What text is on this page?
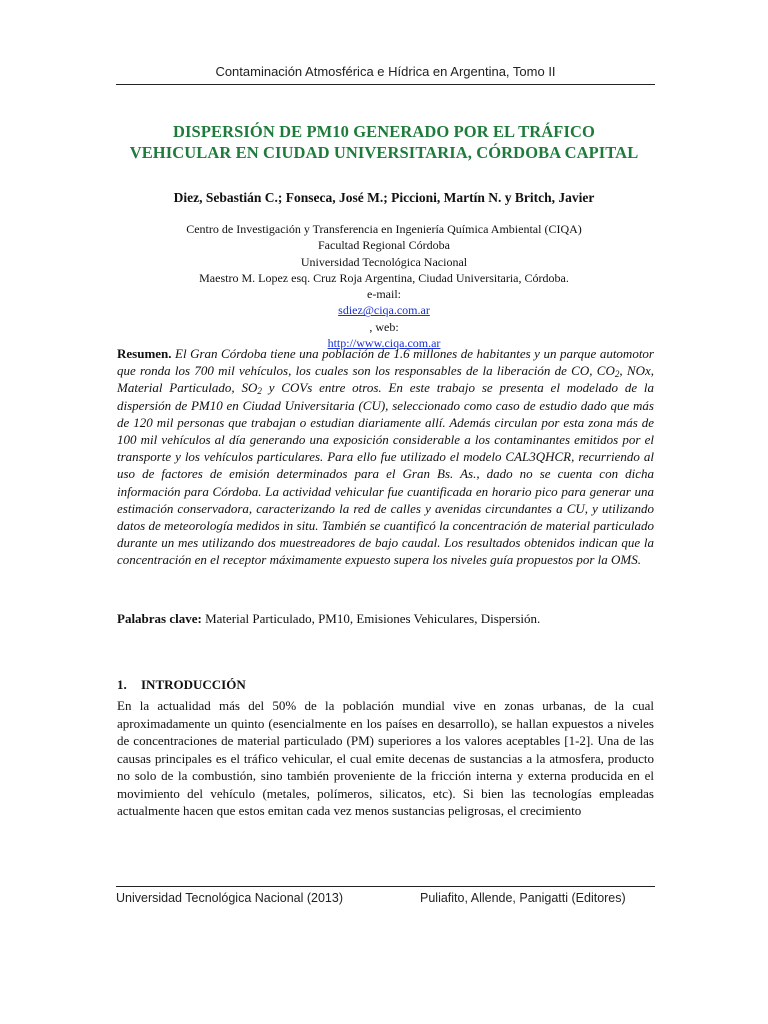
Contaminación Atmosférica e Hídrica en Argentina, Tomo II
DISPERSIÓN DE PM10 GENERADO POR EL TRÁFICO
VEHICULAR EN CIUDAD UNIVERSITARIA, CÓRDOBA CAPITAL
Diez, Sebastián C.; Fonseca, José M.; Piccioni, Martín N. y Britch, Javier
Centro de Investigación y Transferencia en Ingeniería Química Ambiental (CIQA)
Facultad Regional Córdoba
Universidad Tecnológica Nacional
Maestro M. Lopez esq. Cruz Roja Argentina, Ciudad Universitaria, Córdoba.
e-mail:
sdiez@ciqa.com.ar
, web:
http://www.ciqa.com.ar
Resumen. El Gran Córdoba tiene una población de 1.6 millones de habitantes y un parque automotor que ronda los 700 mil vehículos, los cuales son los responsables de la liberación de CO, $CO_2$, NOx, Material Particulado, $SO_2$ y COVs entre otros. En este trabajo se presenta el modelado de la dispersión de PM10 en Ciudad Universitaria (CU), seleccionado como caso de estudio dado que más de 120 mil personas que trabajan o estudian diariamente allí. Además circulan por esta zona más de 100 mil vehículos al día generando una exposición considerable a los contaminantes emitidos por el transporte y los vehículos particulares. Para ello fue utilizado el modelo CAL3QHCR, recurriendo al uso de factores de emisión determinados para el Gran Bs. As., dado no se cuenta con dicha información para Córdoba. La actividad vehicular fue cuantificada en horario pico para generar una estimación conservadora, caracterizando la red de calles y avenidas circundantes a CU, y utilizando datos de meteorología medidos in situ. También se cuantificó la concentración de material particulado durante un mes utilizando dos muestreadores de bajo caudal. Los resultados obtenidos indican que la concentración en el receptor máximamente expuesto supera los niveles guía propuestos por la OMS.
Palabras clave: Material Particulado, PM10, Emisiones Vehiculares, Dispersión.
1. INTRODUCCIÓN
En la actualidad más del 50% de la población mundial vive en zonas urbanas, de la cual aproximadamente un quinto (esencialmente en los países en desarrollo), se hallan expuestos a niveles de concentraciones de material particulado (PM) superiores a los valores aceptables [1-2]. Una de las causas principales es el tráfico vehicular, el cual emite decenas de sustancias a la atmosfera, producto no solo de la combustión, sino también proveniente de la fricción interna y externa producida en el movimiento del vehículo (metales, polímeros, silicatos, etc). Si bien las tecnologías empleadas actualmente hacen que estos emitan cada vez menos sustancias peligrosas, el crecimiento
Universidad Tecnológica Nacional (2013)	Puliafito, Allende, Panigatti (Editores)
